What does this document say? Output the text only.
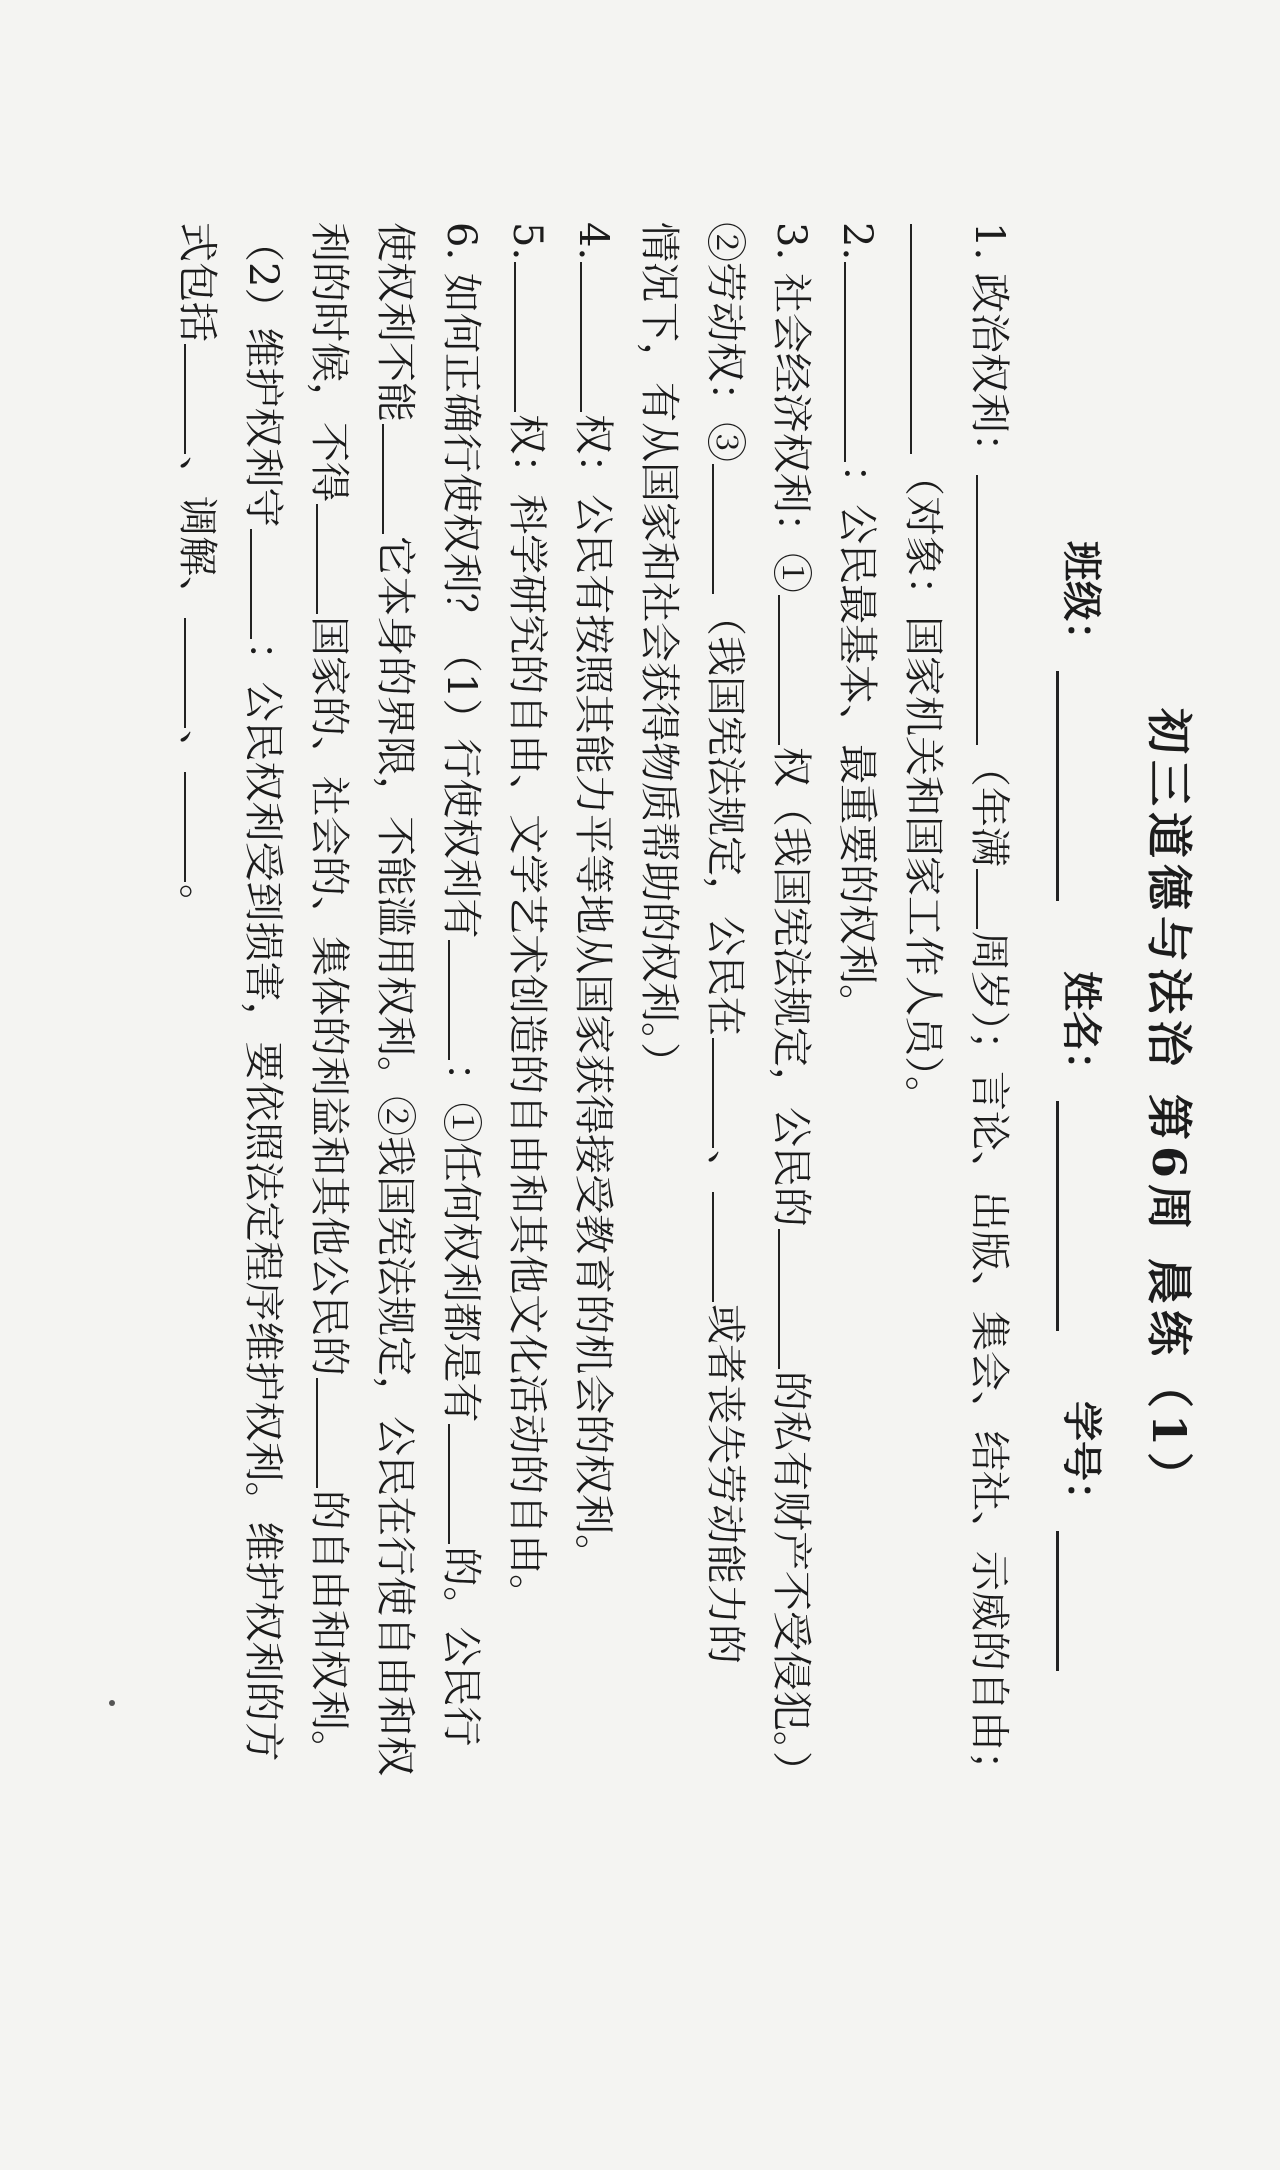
初三道德与法治 第6周 晨练（1）
班级：
姓名：
学号：
1. 政治权利：（年满周岁）；言论、出版、集会、结社、示威的自由；
（对象：国家机关和国家工作人员）。
2.：公民最基本、最重要的权利。
3. 社会经济权利：①权（我国宪法规定，公民的的私有财产不受侵犯。）
②劳动权：③（我国宪法规定，公民在、或者丧失劳动能力的
情况下，有从国家和社会获得物质帮助的权利。）
4.权：公民有按照其能力平等地从国家获得接受教育的机会的权利。
5.权：科学研究的自由、文学艺术创造的自由和其他文化活动的自由。
6. 如何正确行使权利？（1）行使权利有：①任何权利都是有的。公民行
使权利不能它本身的界限，不能滥用权利。②我国宪法规定，公民在行使自由和权
利的时候，不得国家的、社会的、集体的利益和其他公民的的自由和权利。
（2）维护权利守：公民权利受到损害，要依照法定程序维护权利。维护权利的方
式包括、调解、、。
